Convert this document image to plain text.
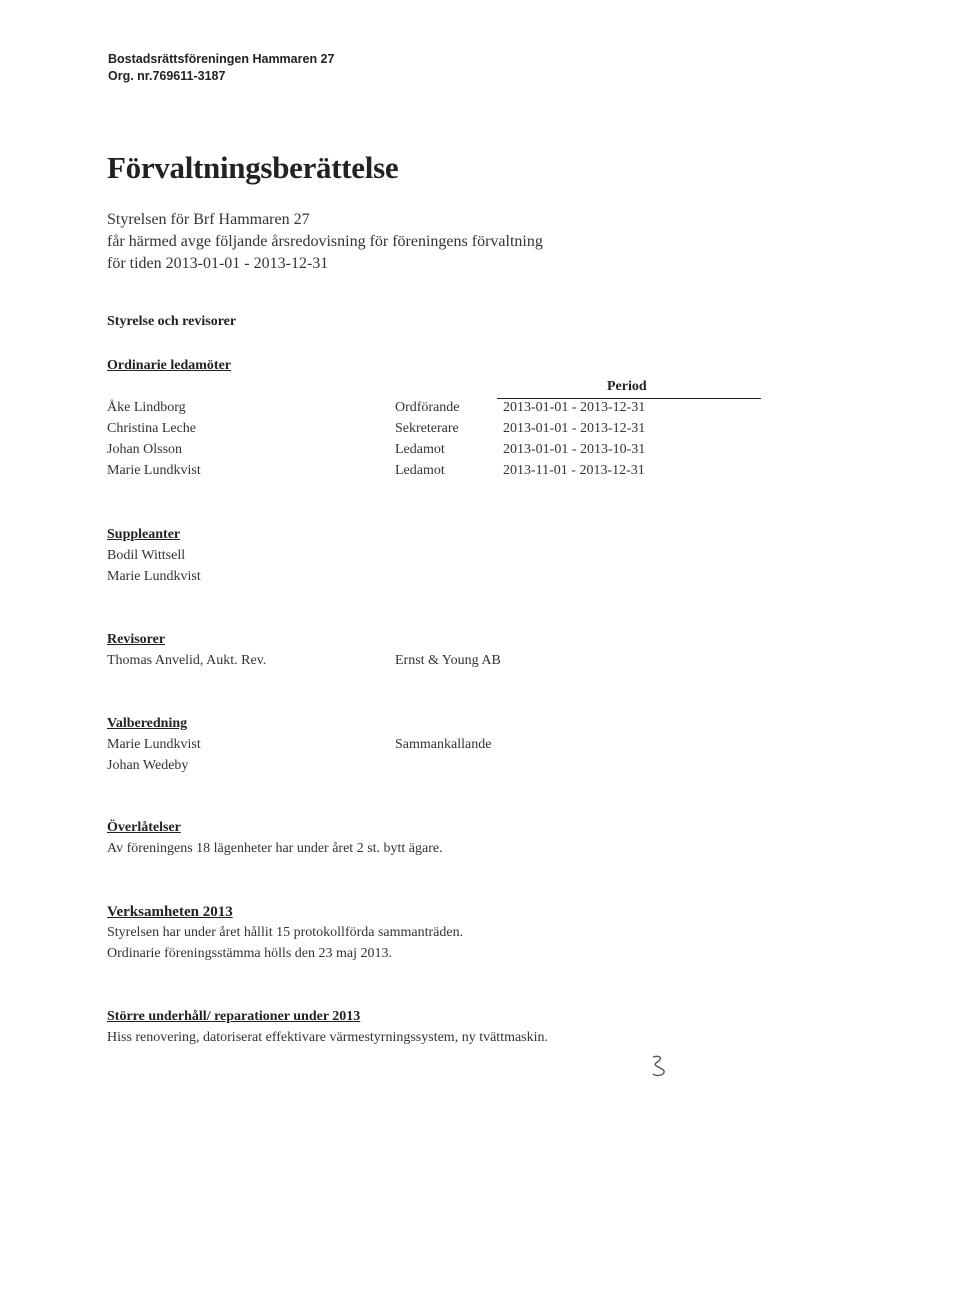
Bostadsrättsföreningen Hammaren 27
Org. nr.769611-3187
Förvaltningsberättelse
Styrelsen för Brf Hammaren 27
får härmed avge följande årsredovisning för föreningens förvaltning
för tiden 2013-01-01 - 2013-12-31
Styrelse och revisorer
Ordinarie ledamöter
Period
Åke Lindborg	Ordförande	2013-01-01 - 2013-12-31
Christina Leche	Sekreterare	2013-01-01 - 2013-12-31
Johan Olsson	Ledamot	2013-01-01 - 2013-10-31
Marie Lundkvist	Ledamot	2013-11-01 - 2013-12-31
Suppleanter
Bodil Wittsell
Marie Lundkvist
Revisorer
Thomas Anvelid, Aukt. Rev.	Ernst & Young AB
Valberedning
Marie Lundkvist	Sammankallande
Johan Wedeby
Överlåtelser
Av föreningens 18 lägenheter har under året 2 st. bytt ägare.
Verksamheten 2013
Styrelsen har under året hållit 15 protokollförda sammanträden.
Ordinarie föreningsstämma hölls den 23 maj 2013.
Större underhåll/ reparationer under 2013
Hiss renovering, datoriserat effektivare värmestyrningssystem, ny tvättmaskin.
